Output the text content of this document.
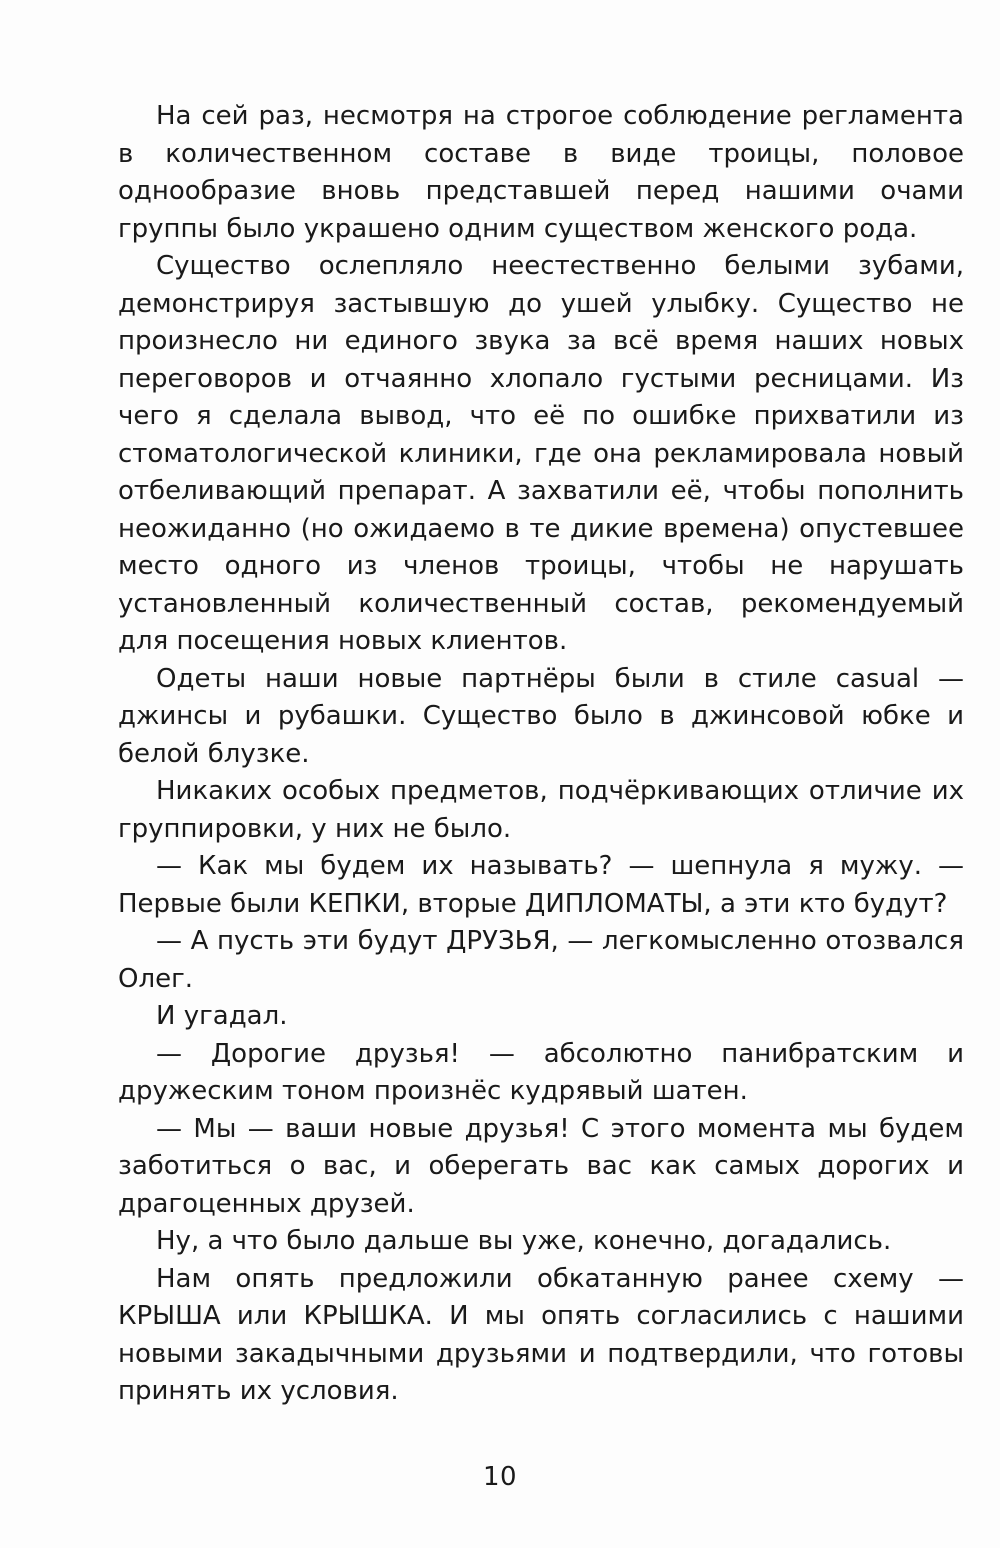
На сей раз, несмотря на строгое соблюдение регламента в количественном составе в виде троицы, половое однообразие вновь представшей перед нашими очами группы было украшено одним существом женского рода.

Существо ослепляло неестественно белыми зубами, демонстрируя застывшую до ушей улыбку. Существо не произнесло ни единого звука за всё время наших новых переговоров и отчаянно хлопало густыми ресницами. Из чего я сделала вывод, что её по ошибке прихватили из стоматологической клиники, где она рекламировала новый отбеливающий препарат. А захватили её, чтобы пополнить неожиданно (но ожидаемо в те дикие времена) опустевшее место одного из членов троицы, чтобы не нарушать установленный количественный состав, рекомендуемый для посещения новых клиентов.

Одеты наши новые партнёры были в стиле casual — джинсы и рубашки. Существо было в джинсовой юбке и белой блузке.

Никаких особых предметов, подчёркивающих отличие их группировки, у них не было.

— Как мы будем их называть? — шепнула я мужу. — Первые были КЕПКИ, вторые ДИПЛОМАТЫ, а эти кто будут?

— А пусть эти будут ДРУЗЬЯ, — легкомысленно отозвался Олег.

И угадал.

— Дорогие друзья! — абсолютно панибратским и дружеским тоном произнёс кудрявый шатен.

— Мы — ваши новые друзья! С этого момента мы будем заботиться о вас, и оберегать вас как самых дорогих и драгоценных друзей.

Ну, а что было дальше вы уже, конечно, догадались.

Нам опять предложили обкатанную ранее схему — КРЫША или КРЫШКА. И мы опять согласились с нашими новыми закадычными друзьями и подтвердили, что готовы принять их условия.

10
